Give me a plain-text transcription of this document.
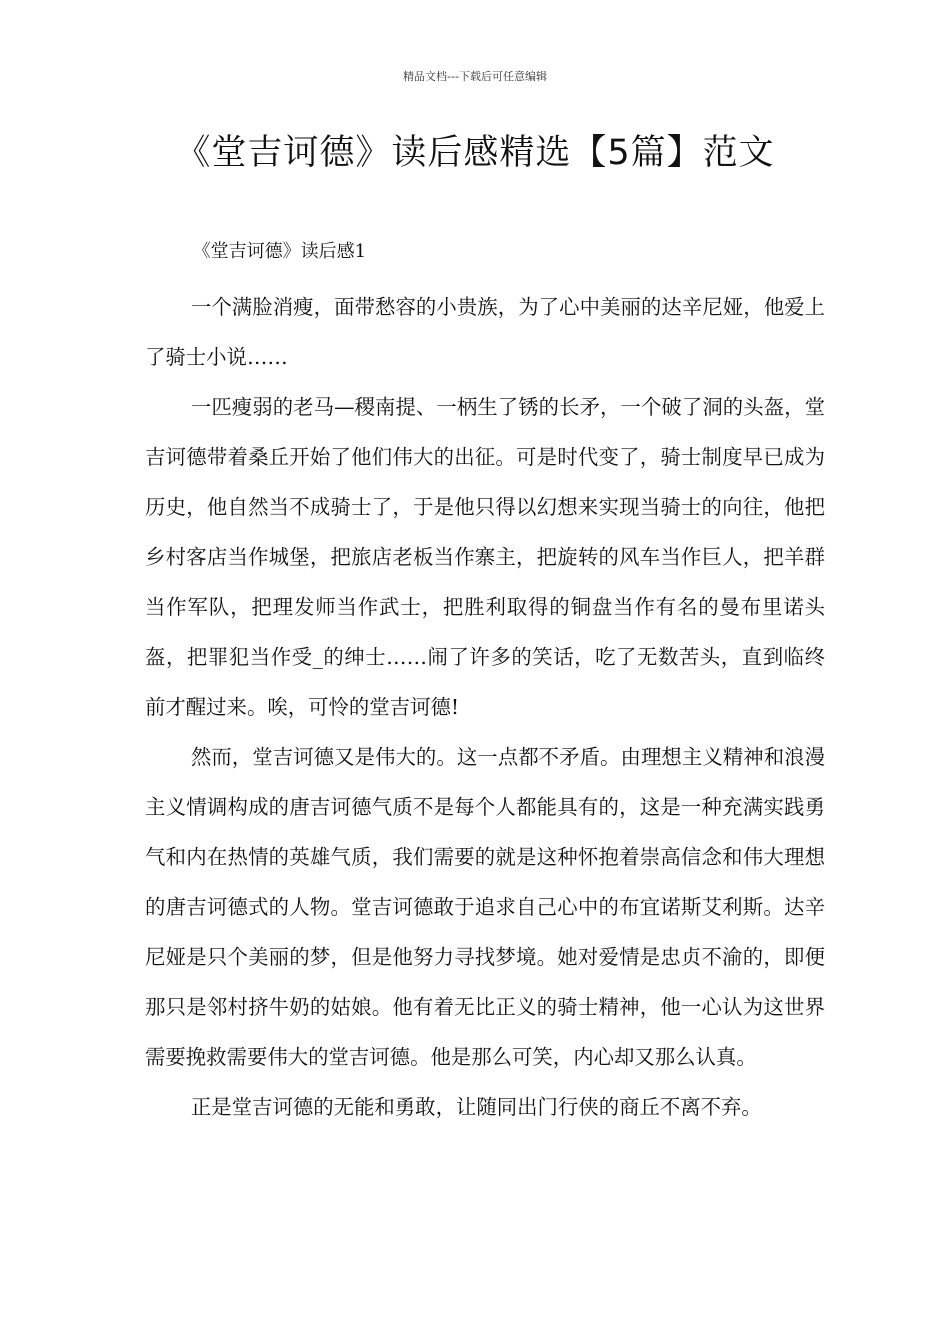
精品文档---下载后可任意编辑
《堂吉诃德》读后感精选【5篇】范文

《堂吉诃德》读后感1

一个满脸消瘦，面带愁容的小贵族，为了心中美丽的达辛尼娅，他爱上了骑士小说……

一匹瘦弱的老马—稷南提、一柄生了锈的长矛，一个破了洞的头盔，堂吉诃德带着桑丘开始了他们伟大的出征。可是时代变了，骑士制度早已成为历史，他自然当不成骑士了，于是他只得以幻想来实现当骑士的向往，他把乡村客店当作城堡，把旅店老板当作寨主，把旋转的风车当作巨人，把羊群当作军队，把理发师当作武士，把胜利取得的铜盘当作有名的曼布里诺头盔，把罪犯当作受_的绅士……闹了许多的笑话，吃了无数苦头，直到临终前才醒过来。唉，可怜的堂吉诃德!

然而，堂吉诃德又是伟大的。这一点都不矛盾。由理想主义精神和浪漫主义情调构成的唐吉诃德气质不是每个人都能具有的，这是一种充满实践勇气和内在热情的英雄气质，我们需要的就是这种怀抱着崇高信念和伟大理想的唐吉诃德式的人物。堂吉诃德敢于追求自己心中的布宜诺斯艾利斯。达辛尼娅是只个美丽的梦，但是他努力寻找梦境。她对爱情是忠贞不渝的，即便那只是邻村挤牛奶的姑娘。他有着无比正义的骑士精神，他一心认为这世界需要挽救需要伟大的堂吉诃德。他是那么可笑，内心却又那么认真。

正是堂吉诃德的无能和勇敢，让随同出门行侠的商丘不离不弃。
